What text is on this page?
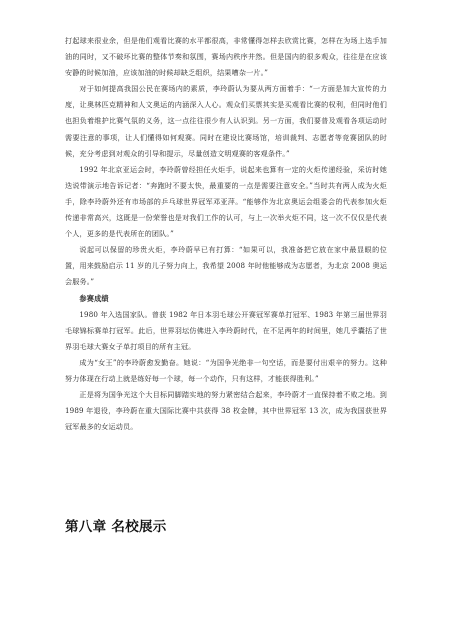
打起球来很业余，但是他们观看比赛的水平都很高，非常懂得怎样去欣赏比赛，怎样在为场上选手加油的同时，又不破坏比赛的整体节奏和氛围，赛场内秩序井然。但是国内的很多观众，往往是在应该安静的时候加油，应该加油的时候却缺乏组织，结果嘈杂一片。”

对于如何提高我国公民在赛场内的素质，李玲蔚认为要从两方面着手：“一方面是加大宣传的力度，让奥林匹克精神和人文奥运的内涵深入人心。观众们买票其实是买观看比赛的权利，但同时他们也担负着维护比赛气氛的义务，这一点往往很少有人认识到。另一方面，我们要普及观看各项运动时需要注意的事项，让人们懂得如何观赛。同时在建设比赛场馆，培训裁判、志愿者等竞赛团队的时候，充分考虑到对观众的引导和提示，尽量创造文明观赛的客观条件。”

1992 年北京亚运会时，李玲蔚曾经担任火炬手，说起来也算有一定的火炬传递经验，采访时她迭说带演示地告诉记者：“奔跑时不要太快，最重要的一点是需要注意安全。”当时共有两人成为火炬手，除李玲蔚外还有市场部的乒乓球世界冠军邓亚萍。“能够作为北京奥运会组委会的代表参加火炬传递非常高兴，这既是一份荣誉也是对我们工作的认可，与上一次举火炬不同，这一次不仅仅是代表个人，更多的是代表所在的团队。”

说起可以保留的珍贵火炬，李玲蔚早已有打算：“如果可以，我准备把它放在家中最显眼的位置，用来鼓励启示 11 岁的儿子努力向上，我希望 2008 年时他能够成为志愿者，为北京 2008 奥运会服务。”

参赛成绩

1980 年入选国家队。曾获 1982 年日本羽毛球公开赛冠军赛单打冠军、1983 年第三届世界羽毛球锦标赛单打冠军。此后，世界羽坛仿佛进入李玲蔚时代，在不足两年的时间里，她几乎囊括了世界羽毛球大赛女子单打项目的所有主冠。

成为“女王”的李玲蔚愈发勤奋。她说：“为国争光绝非一句空话，而是要付出艰辛的努力。这种努力体现在行动上就是练好每一个球，每一个动作，只有这样，才能获得胜利。”

正是将为国争光这个大目标同脚踏实地的努力紧密结合起来，李玲蔚才一直保持着不败之地。到 1989 年退役，李玲蔚在重大国际比赛中共获得 38 枚金牌，其中世界冠军 13 次，成为我国获世界冠军最多的女运动员。

第八章 名校展示
